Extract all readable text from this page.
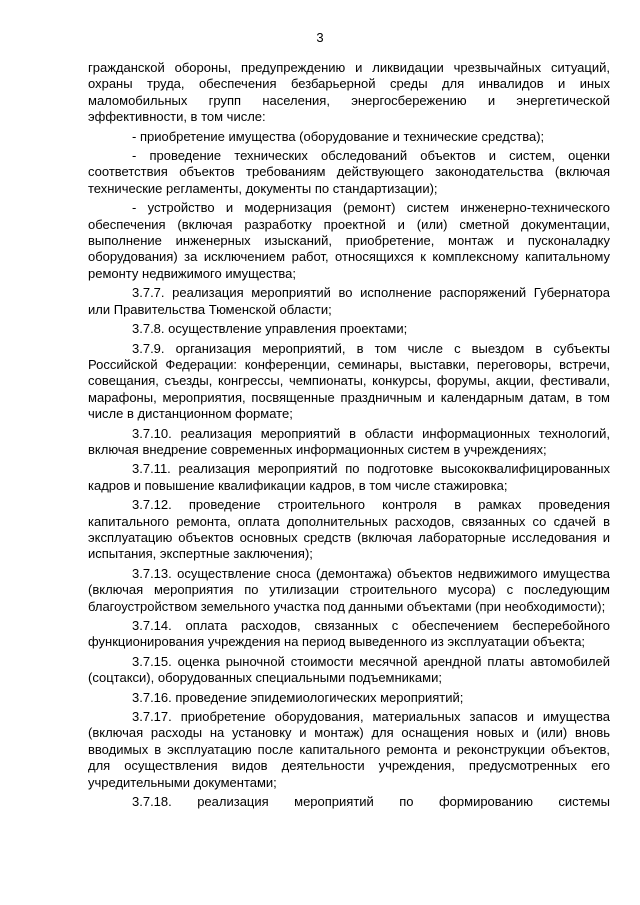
3

гражданской обороны, предупреждению и ликвидации чрезвычайных ситуаций, охраны труда, обеспечения безбарьерной среды для инвалидов и иных маломобильных групп населения, энергосбережению и энергетической эффективности, в том числе:

- приобретение имущества (оборудование и технические средства);

- проведение технических обследований объектов и систем, оценки соответствия объектов требованиям действующего законодательства (включая технические регламенты, документы по стандартизации);

- устройство и модернизация (ремонт) систем инженерно-технического обеспечения (включая разработку проектной и (или) сметной документации, выполнение инженерных изысканий, приобретение, монтаж и пусконаладку оборудования) за исключением работ, относящихся к комплексному капитальному ремонту недвижимого имущества;

3.7.7. реализация мероприятий во исполнение распоряжений Губернатора или Правительства Тюменской области;

3.7.8. осуществление управления проектами;

3.7.9. организация мероприятий, в том числе с выездом в субъекты Российской Федерации: конференции, семинары, выставки, переговоры, встречи, совещания, съезды, конгрессы, чемпионаты, конкурсы, форумы, акции, фестивали, марафоны, мероприятия, посвященные праздничным и календарным датам, в том числе в дистанционном формате;

3.7.10. реализация мероприятий в области информационных технологий, включая внедрение современных информационных систем в учреждениях;

3.7.11. реализация мероприятий по подготовке высококвалифицированных кадров и повышение квалификации кадров, в том числе стажировка;

3.7.12. проведение строительного контроля в рамках проведения капитального ремонта, оплата дополнительных расходов, связанных со сдачей в эксплуатацию объектов основных средств (включая лабораторные исследования и испытания, экспертные заключения);

3.7.13. осуществление сноса (демонтажа) объектов недвижимого имущества (включая мероприятия по утилизации строительного мусора) с последующим благоустройством земельного участка под данными объектами (при необходимости);

3.7.14. оплата расходов, связанных с обеспечением бесперебойного функционирования учреждения на период выведенного из эксплуатации объекта;

3.7.15. оценка рыночной стоимости месячной арендной платы автомобилей (соцтакси), оборудованных специальными подъемниками;

3.7.16. проведение эпидемиологических мероприятий;

3.7.17. приобретение оборудования, материальных запасов и имущества (включая расходы на установку и монтаж) для оснащения новых и (или) вновь вводимых в эксплуатацию после капитального ремонта и реконструкции объектов, для осуществления видов деятельности учреждения, предусмотренных его учредительными документами;

3.7.18. реализация мероприятий по формированию системы
